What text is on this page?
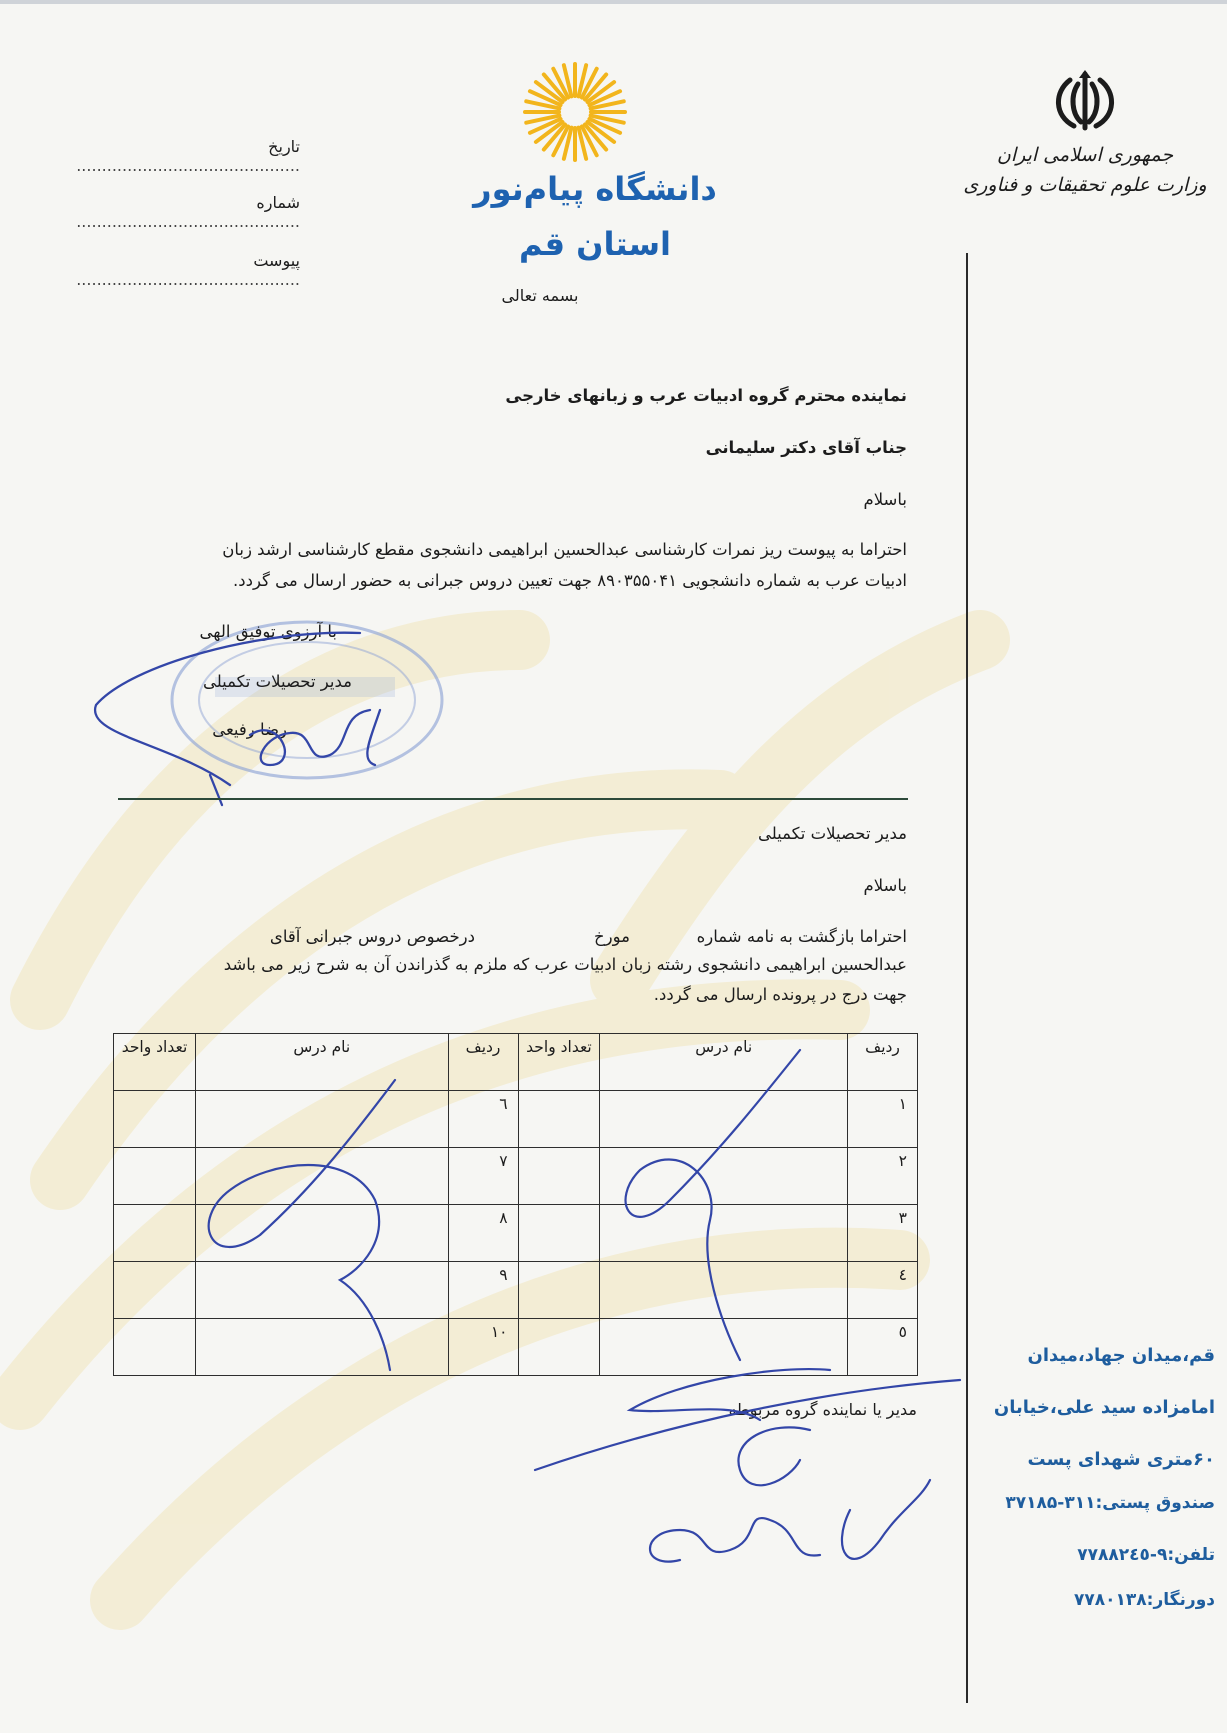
جمهوری اسلامی ایران
وزارت علوم تحقیقات و فناوری
دانشگاه پیام‌نور
استان قم
بسمه تعالی
تاریخ ............................................
شماره ............................................
پیوست ............................................
نماینده محترم گروه ادبیات عرب و زبانهای خارجی
جناب آقای دکتر سلیمانی
باسلام
احتراما به پیوست ریز نمرات کارشناسی عبدالحسین ابراهیمی دانشجوی مقطع کارشناسی ارشد زبان
ادبیات عرب به شماره دانشجویی ۸۹۰۳۵۵۰۴۱ جهت تعیین دروس جبرانی به حضور ارسال می گردد.
با آرزوی توفیق الهی
مدیر تحصیلات تکمیلی
رضا رفیعی
مدیر تحصیلات تکمیلی
باسلام
احتراما بازگشت به نامه شماره
مورخ
درخصوص دروس جبرانی آقای
عبدالحسین ابراهیمی دانشجوی رشته زبان ادبیات عرب که ملزم به گذراندن آن به شرح زیر می باشد
جهت درج در پرونده ارسال می گردد.
ردیف	نام درس	تعداد واحد	ردیف	نام درس	تعداد واحد
۱			٦		
۲			۷		
۳			۸		
٤			۹		
٥			۱۰		
مدیر یا نماینده گروه مربوطه
قم،میدان جهاد،میدان
امامزاده سید علی،خیابان
۶۰متری شهدای پست
صندوق پستی:۳۱۱-۳۷۱۸۵
تلفن:۹-۷۷۸۸۲٤٥
دورنگار:۷۷۸۰۱۳۸
